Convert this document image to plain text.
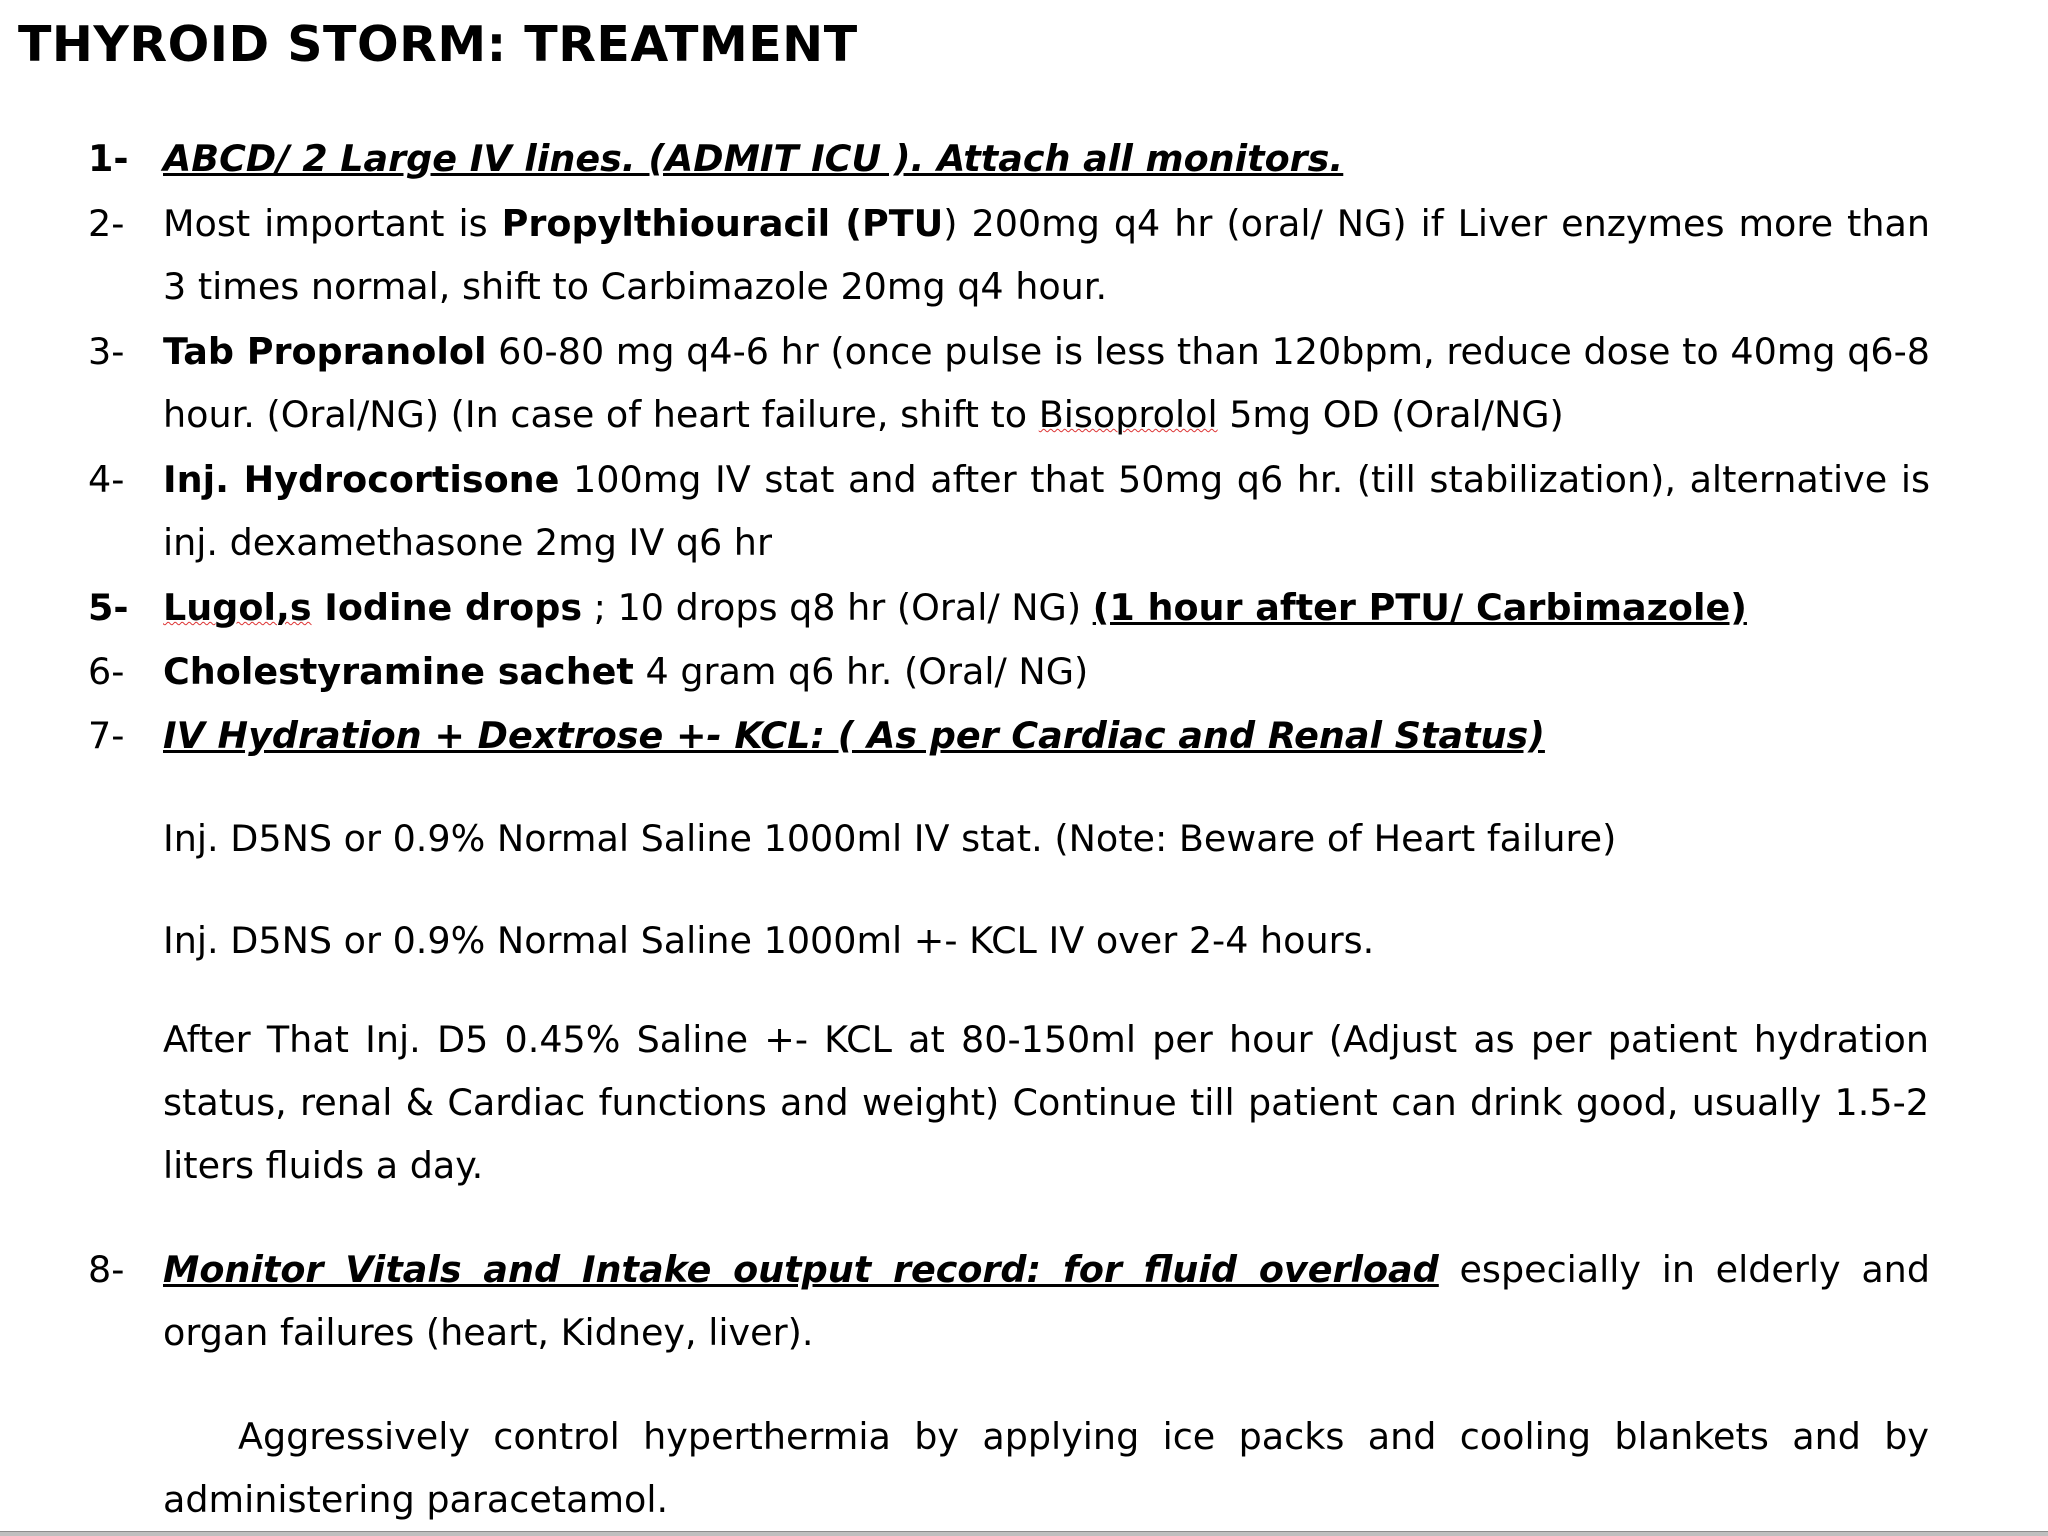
THYROID STORM: TREATMENT
1- ABCD/ 2 Large IV lines. (ADMIT ICU ). Attach all monitors.
2- Most important is Propylthiouracil (PTU) 200mg q4 hr (oral/ NG) if Liver enzymes more than 3 times normal, shift to Carbimazole 20mg q4 hour.
3- Tab Propranolol 60-80 mg q4-6 hr (once pulse is less than 120bpm, reduce dose to 40mg q6-8 hour. (Oral/NG) (In case of heart failure, shift to Bisoprolol 5mg OD (Oral/NG)
4- Inj. Hydrocortisone 100mg IV stat and after that 50mg q6 hr. (till stabilization), alternative is inj. dexamethasone 2mg IV q6 hr
5- Lugol,s Iodine drops ; 10 drops q8 hr (Oral/ NG) (1 hour after PTU/ Carbimazole)
6- Cholestyramine sachet 4 gram q6 hr. (Oral/ NG)
7- IV Hydration + Dextrose +- KCL: ( As per Cardiac and Renal Status)
Inj. D5NS or 0.9% Normal Saline 1000ml IV stat. (Note: Beware of Heart failure)
Inj. D5NS or 0.9% Normal Saline 1000ml +- KCL IV over 2-4 hours.
After That Inj. D5 0.45% Saline +- KCL at 80-150ml per hour (Adjust as per patient hydration status, renal & Cardiac functions and weight) Continue till patient can drink good, usually 1.5-2 liters fluids a day.
8- Monitor Vitals and Intake output record: for fluid overload especially in elderly and organ failures (heart, Kidney, liver).
Aggressively control hyperthermia by applying ice packs and cooling blankets and by administering paracetamol.
